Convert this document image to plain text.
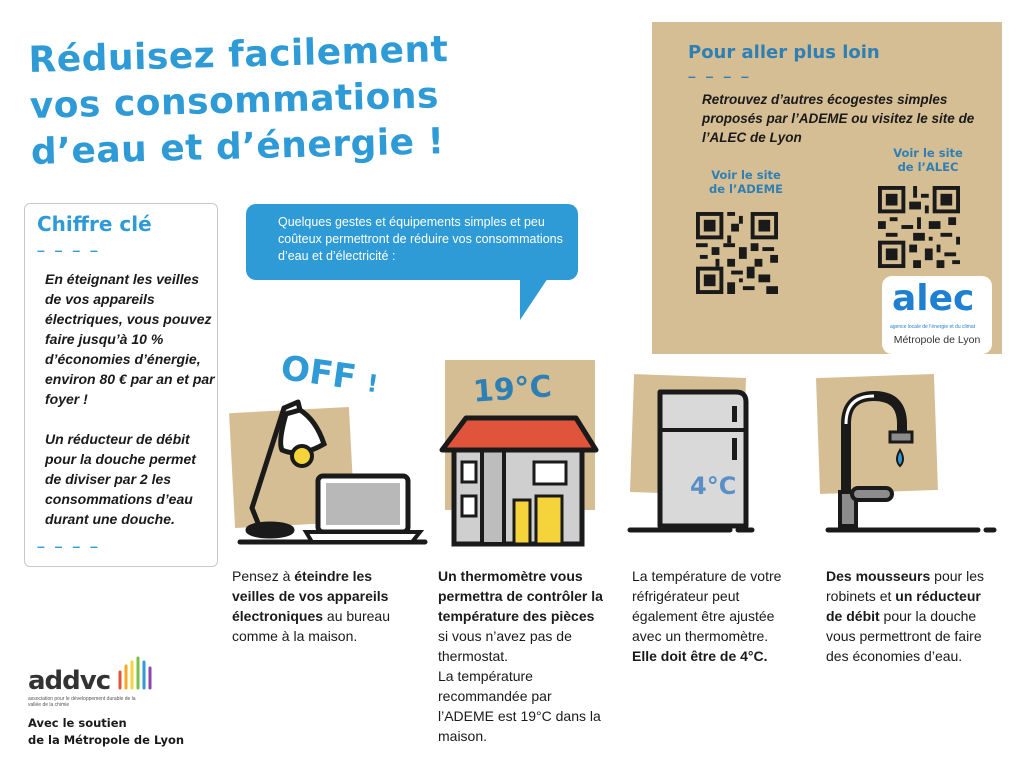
Réduisez facilement
vos consommations
d’eau et d’énergie !
Chiffre clé
– – – –

En éteignant les veilles de vos appareils électriques, vous pouvez faire jusqu’à 10 % d’économies d’énergie, environ 80 € par an et par foyer !

Un réducteur de débit pour la douche permet de diviser par 2 les consommations d’eau durant une douche.

– – – –
Quelques gestes et équipements simples et peu coûteux permettront de réduire vos consommations d’eau et d’électricité :
Pour aller plus loin
– – – –
Retrouvez d’autres écogestes simples proposés par l’ADEME ou visitez le site de l’ALEC de Lyon
Voir le site
de l’ADEME
Voir le site
de l’ALEC
alec
agence locale de l’énergie et du climat
Métropole de Lyon
19°C
OFF !
4°C
Pensez à éteindre les veilles de vos appareils électroniques au bureau comme à la maison.
Un thermomètre vous permettra de contrôler la température des pièces si vous n’avez pas de thermostat.
La température recommandée par l’ADEME est 19°C dans la maison.
La température de votre réfrigérateur peut également être ajustée avec un thermomètre.
Elle doit être de 4°C.
Des mousseurs pour les robinets et un réducteur de débit pour la douche vous permettront de faire des économies d’eau.
addvc
association pour le développement durable de la vallée de la chimie
Avec le soutien
de la Métropole de Lyon
